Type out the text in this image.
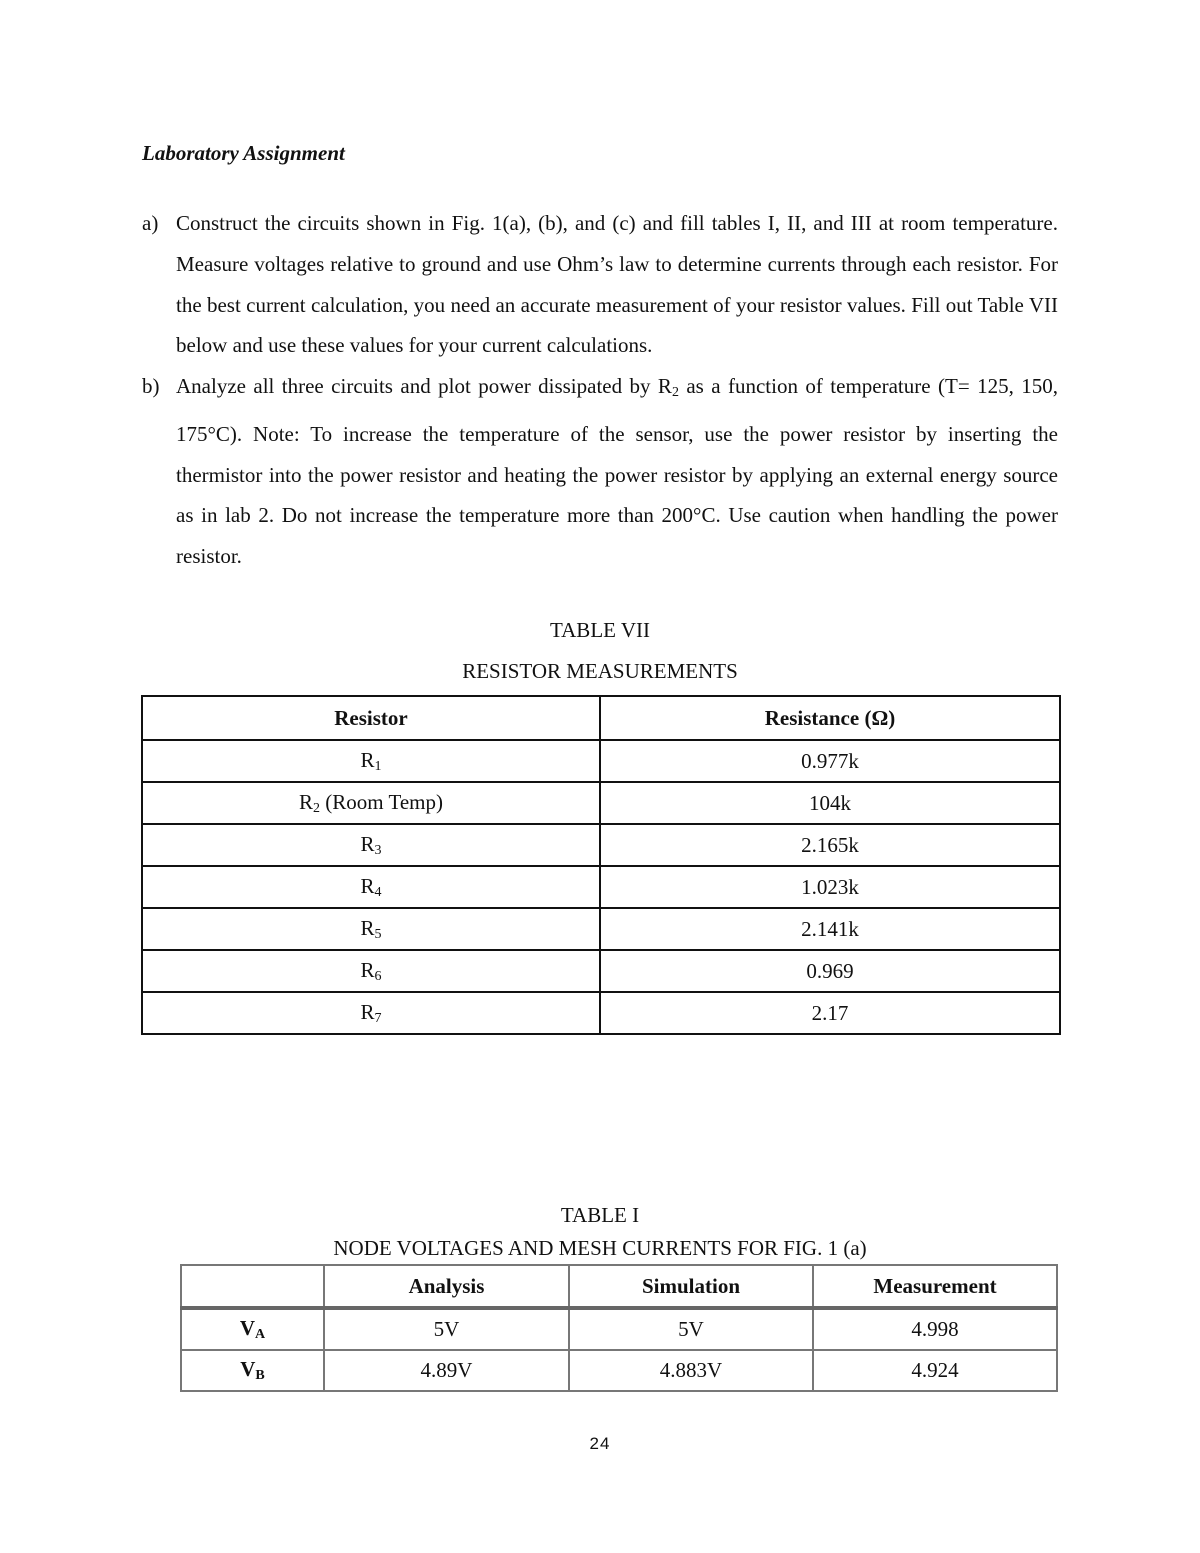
Laboratory Assignment
a) Construct the circuits shown in Fig. 1(a), (b), and (c) and fill tables I, II, and III at room temperature. Measure voltages relative to ground and use Ohm’s law to determine currents through each resistor. For the best current calculation, you need an accurate measurement of your resistor values. Fill out Table VII below and use these values for your current calculations.
b) Analyze all three circuits and plot power dissipated by $R_2$ as a function of temperature (T= 125, 150, 175°C). Note: To increase the temperature of the sensor, use the power resistor by inserting the thermistor into the power resistor and heating the power resistor by applying an external energy source as in lab 2. Do not increase the temperature more than 200°C. Use caution when handling the power resistor.
TABLE VII
RESISTOR MEASUREMENTS
Resistor	Resistance (Ω)
$R_1$	0.977k
$R_2$ (Room Temp)	104k
$R_3$	2.165k
$R_4$	1.023k
$R_5$	2.141k
$R_6$	0.969
$R_7$	2.17
TABLE I
NODE VOLTAGES AND MESH CURRENTS FOR FIG. 1 (a)
	Analysis	Simulation	Measurement
$V_A$	5V	5V	4.998
$V_B$	4.89V	4.883V	4.924
24
